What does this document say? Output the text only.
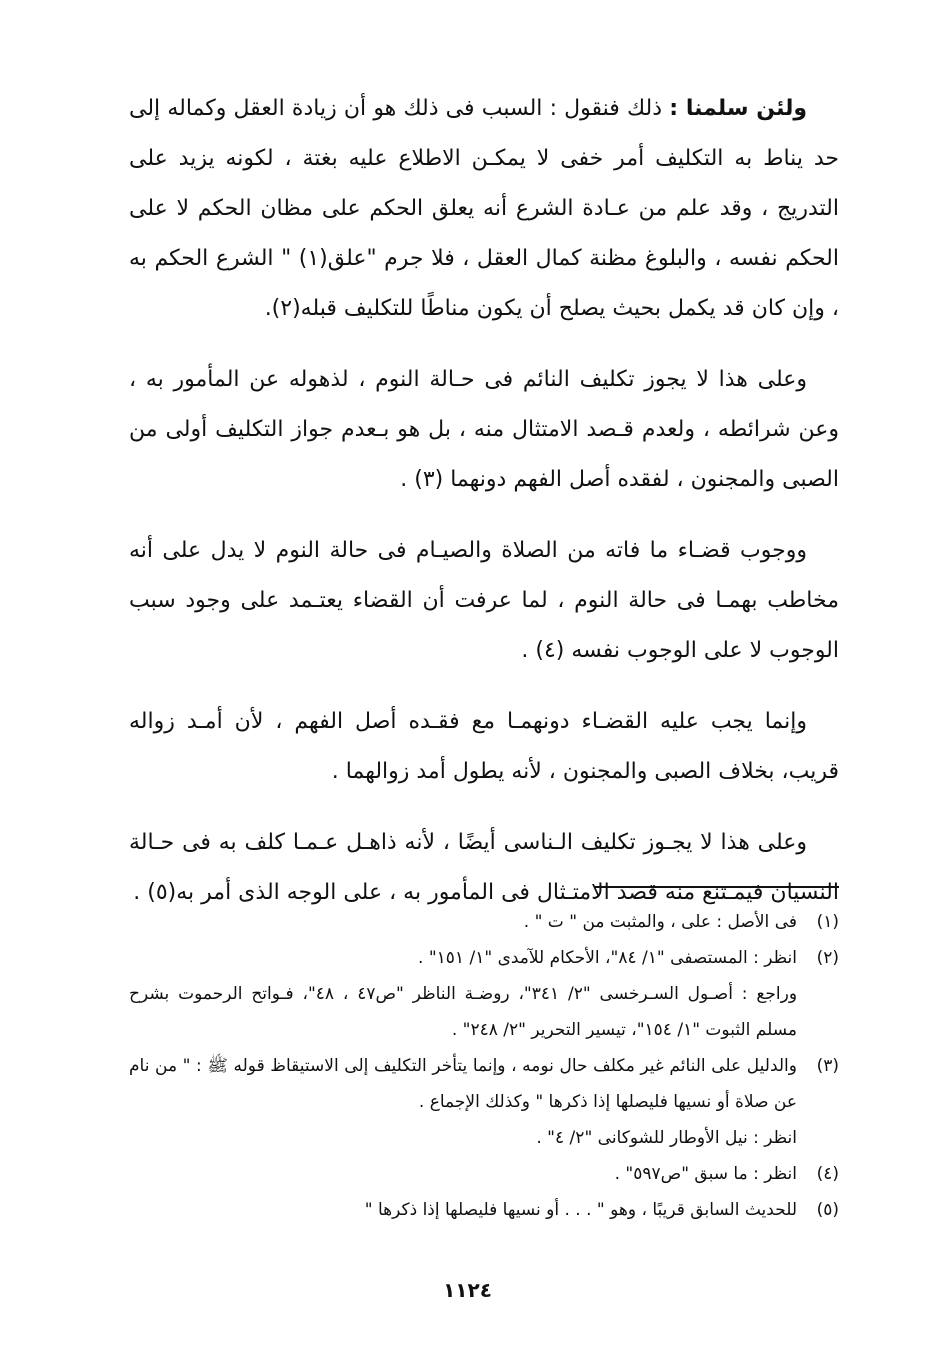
ولئن سلمنا : ذلك فنقول : السبب فى ذلك هو أن زيادة العقل وكماله إلى حد يناط به التكليف أمر خفى لا يمكـن الاطلاع عليه بغتة ، لكونه يزيد على التدريج ، وقد علم من عـادة الشرع أنه يعلق الحكم على مظان الحكم لا على الحكم نفسه ، والبلوغ مظنة كمال العقل ، فلا جرم "علق(١) " الشرع الحكم به ، وإن كان قد يكمل بحيث يصلح أن يكون مناطًا للتكليف قبله(٢).

وعلى هذا لا يجوز تكليف النائم فى حـالة النوم ، لذهوله عن المأمور به ، وعن شرائطه ، ولعدم قـصد الامتثال منه ، بل هو بـعدم جواز التكليف أولى من الصبى والمجنون ، لفقده أصل الفهم دونهما (٣) .

ووجوب قضـاء ما فاته من الصلاة والصيـام فى حالة النوم لا يدل على أنه مخاطب بهمـا فى حالة النوم ، لما عرفت أن القضاء يعتـمد على وجود سبب الوجوب لا على الوجوب نفسه (٤) .

وإنما يجب عليه القضـاء دونهمـا مع فقـده أصل الفهم ، لأن أمـد زواله قريب، بخلاف الصبى والمجنون ، لأنه يطول أمد زوالهما .

وعلى هذا لا يجـوز تكليف الـناسى أيضًا ، لأنه ذاهـل عـمـا كلف به فى حـالة النسيان فيمـتنع منه قصد الامتـثال فى المأمور به ، على الوجه الذى أمر به(٥) .

(١)
فى الأصل : على ، والمثبت من " ت " .
(٢)
انظر : المستصفى "١/ ٨٤"، الأحكام للآمدى "١/ ١٥١" .
وراجع : أصـول السـرخسى "٢/ ٣٤١"، روضـة الناظر "ص٤٧ ، ٤٨"، فـواتح الرحموت بشرح مسلم الثبوت "١/ ١٥٤"، تيسير التحرير "٢/ ٢٤٨" .
(٣)
والدليل على النائم غير مكلف حال نومه ، وإنما يتأخر التكليف إلى الاستيقاظ قوله ﷺ : " من نام عن صلاة أو نسيها فليصلها إذا ذكرها " وكذلك الإجماع .
انظر : نيل الأوطار للشوكانى "٢/ ٤" .
(٤)
انظر : ما سبق "ص٥٩٧" .
(٥)
للحديث السابق قريبًا ، وهو " . . . أو نسيها فليصلها إذا ذكرها "
١١٢٤
